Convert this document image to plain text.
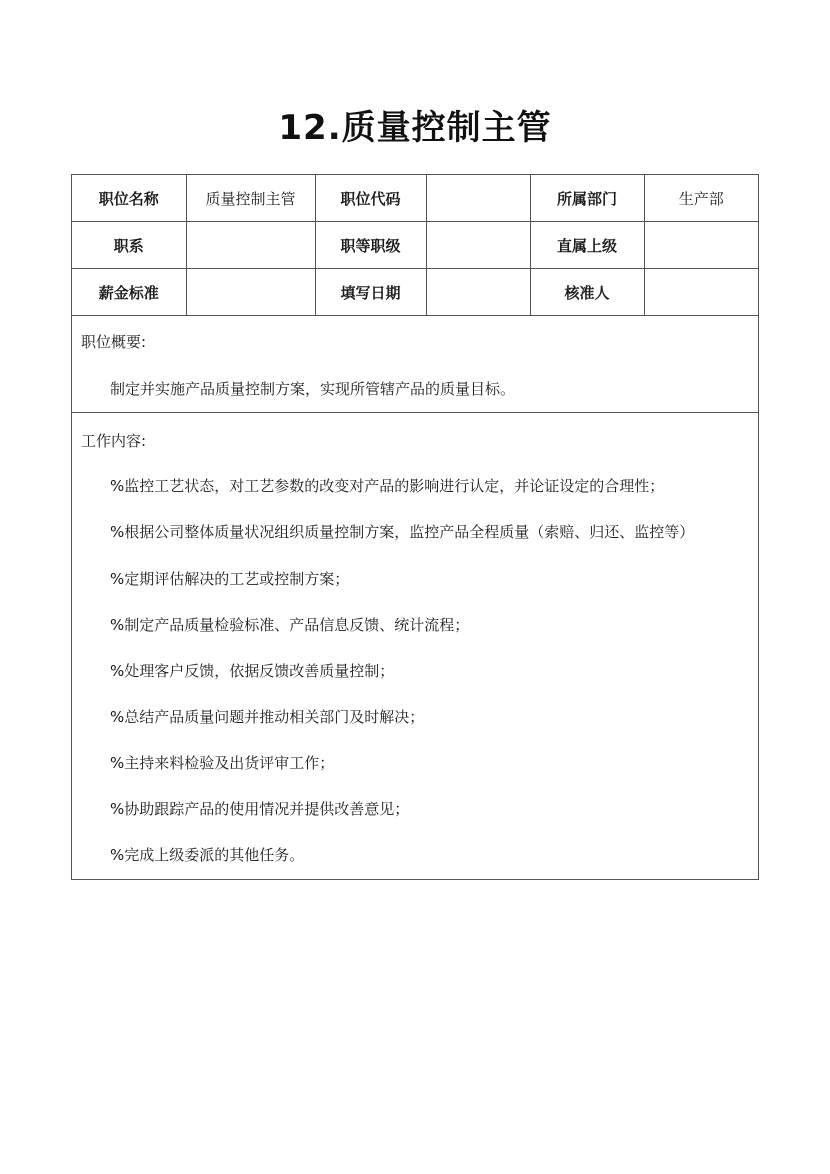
12.质量控制主管
职位名称	质量控制主管	职位代码		所属部门	生产部
职系		职等职级		直属上级	
薪金标准		填写日期		核准人	
职位概要:
制定并实施产品质量控制方案，实现所管辖产品的质量目标。
工作内容:
%监控工艺状态，对工艺参数的改变对产品的影响进行认定，并论证设定的合理性；
%根据公司整体质量状况组织质量控制方案，监控产品全程质量（索赔、归还、监控等）
%定期评估解决的工艺或控制方案；
%制定产品质量检验标准、产品信息反馈、统计流程；
%处理客户反馈，依据反馈改善质量控制；
%总结产品质量问题并推动相关部门及时解决；
%主持来料检验及出货评审工作；
%协助跟踪产品的使用情况并提供改善意见；
%完成上级委派的其他任务。
